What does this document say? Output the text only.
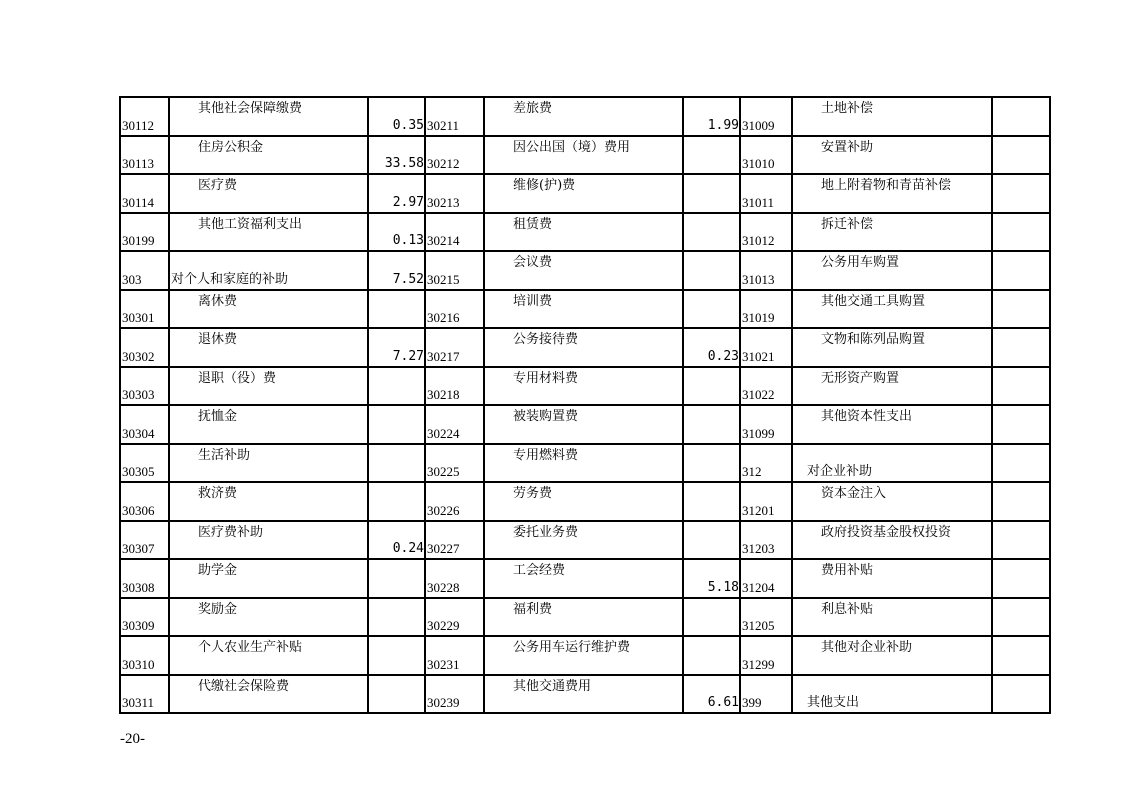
30112	其他社会保障缴费	0.35	30211	差旅费	1.99	31009	土地补偿	
30113	住房公积金	33.58	30212	因公出国（境）费用		31010	安置补助	
30114	医疗费	2.97	30213	维修(护)费		31011	地上附着物和青苗补偿	
30199	其他工资福利支出	0.13	30214	租赁费		31012	拆迁补偿	
303	对个人和家庭的补助	7.52	30215	会议费		31013	公务用车购置	
30301	离休费		30216	培训费		31019	其他交通工具购置	
30302	退休费	7.27	30217	公务接待费	0.23	31021	文物和陈列品购置	
30303	退职（役）费		30218	专用材料费		31022	无形资产购置	
30304	抚恤金		30224	被装购置费		31099	其他资本性支出	
30305	生活补助		30225	专用燃料费		312	对企业补助	
30306	救济费		30226	劳务费		31201	资本金注入	
30307	医疗费补助	0.24	30227	委托业务费		31203	政府投资基金股权投资	
30308	助学金		30228	工会经费	5.18	31204	费用补贴	
30309	奖励金		30229	福利费		31205	利息补贴	
30310	个人农业生产补贴		30231	公务用车运行维护费		31299	其他对企业补助	
30311	代缴社会保险费		30239	其他交通费用	6.61	399	其他支出	
-20-
